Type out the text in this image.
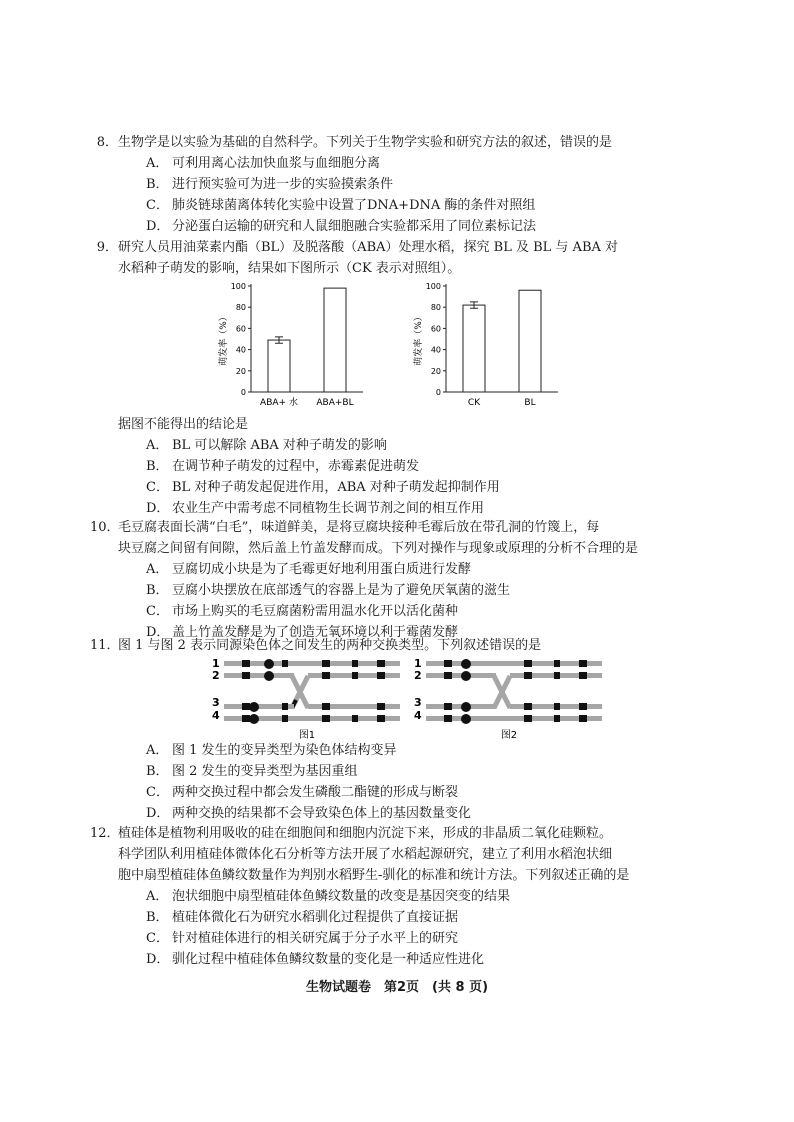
8．生物学是以实验为基础的自然科学。下列关于生物学实验和研究方法的叙述，错误的是
A． 可利用离心法加快血浆与血细胞分离
B． 进行预实验可为进一步的实验摸索条件
C． 肺炎链球菌离体转化实验中设置了DNA+DNA 酶的条件对照组
D． 分泌蛋白运输的研究和人鼠细胞融合实验都采用了同位素标记法
9．研究人员用油菜素内酯（BL）及脱落酸（ABA）处理水稻，探究 BL 及 BL 与 ABA 对
水稻种子萌发的影响，结果如下图所示（CK 表示对照组）。
萌发率（%）
0
20
40
60
80
100
ABA+ 水 ABA+BL
萌发率（%）
0
20
40
60
80
100
CK	BL
据图不能得出的结论是
A． BL 可以解除 ABA 对种子萌发的影响
B． 在调节种子萌发的过程中，赤霉素促进萌发
C． BL 对种子萌发起促进作用，ABA 对种子萌发起抑制作用
D． 农业生产中需考虑不同植物生长调节剂之间的相互作用
10．毛豆腐表面长满“白毛”，味道鲜美，是将豆腐块接种毛霉后放在带孔洞的竹篾上，每
块豆腐之间留有间隙，然后盖上竹盖发酵而成。下列对操作与现象或原理的分析不合理的是
A． 豆腐切成小块是为了毛霉更好地利用蛋白质进行发酵
B． 豆腐小块摆放在底部透气的容器上是为了避免厌氧菌的滋生
C． 市场上购买的毛豆腐菌粉需用温水化开以活化菌种
D． 盖上竹盖发酵是为了创造无氧环境以利于霉菌发酵
11．图 1 与图 2 表示同源染色体之间发生的两种交换类型。下列叙述错误的是
1
2
3
4
图1
1
2
3
4
图2
A． 图 1 发生的变异类型为染色体结构变异
B． 图 2 发生的变异类型为基因重组
C． 两种交换过程中都会发生磷酸二酯键的形成与断裂
D． 两种交换的结果都不会导致染色体上的基因数量变化
12．植硅体是植物利用吸收的硅在细胞间和细胞内沉淀下来，形成的非晶质二氧化硅颗粒。
科学团队利用植硅体微体化石分析等方法开展了水稻起源研究，建立了利用水稻泡状细
胞中扇型植硅体鱼鳞纹数量作为判别水稻野生-驯化的标准和统计方法。下列叙述正确的是
A． 泡状细胞中扇型植硅体鱼鳞纹数量的改变是基因突变的结果
B． 植硅体微化石为研究水稻驯化过程提供了直接证据
C． 针对植硅体进行的相关研究属于分子水平上的研究
D． 驯化过程中植硅体鱼鳞纹数量的变化是一种适应性进化
生物试题卷　第2页　(共 8 页)
